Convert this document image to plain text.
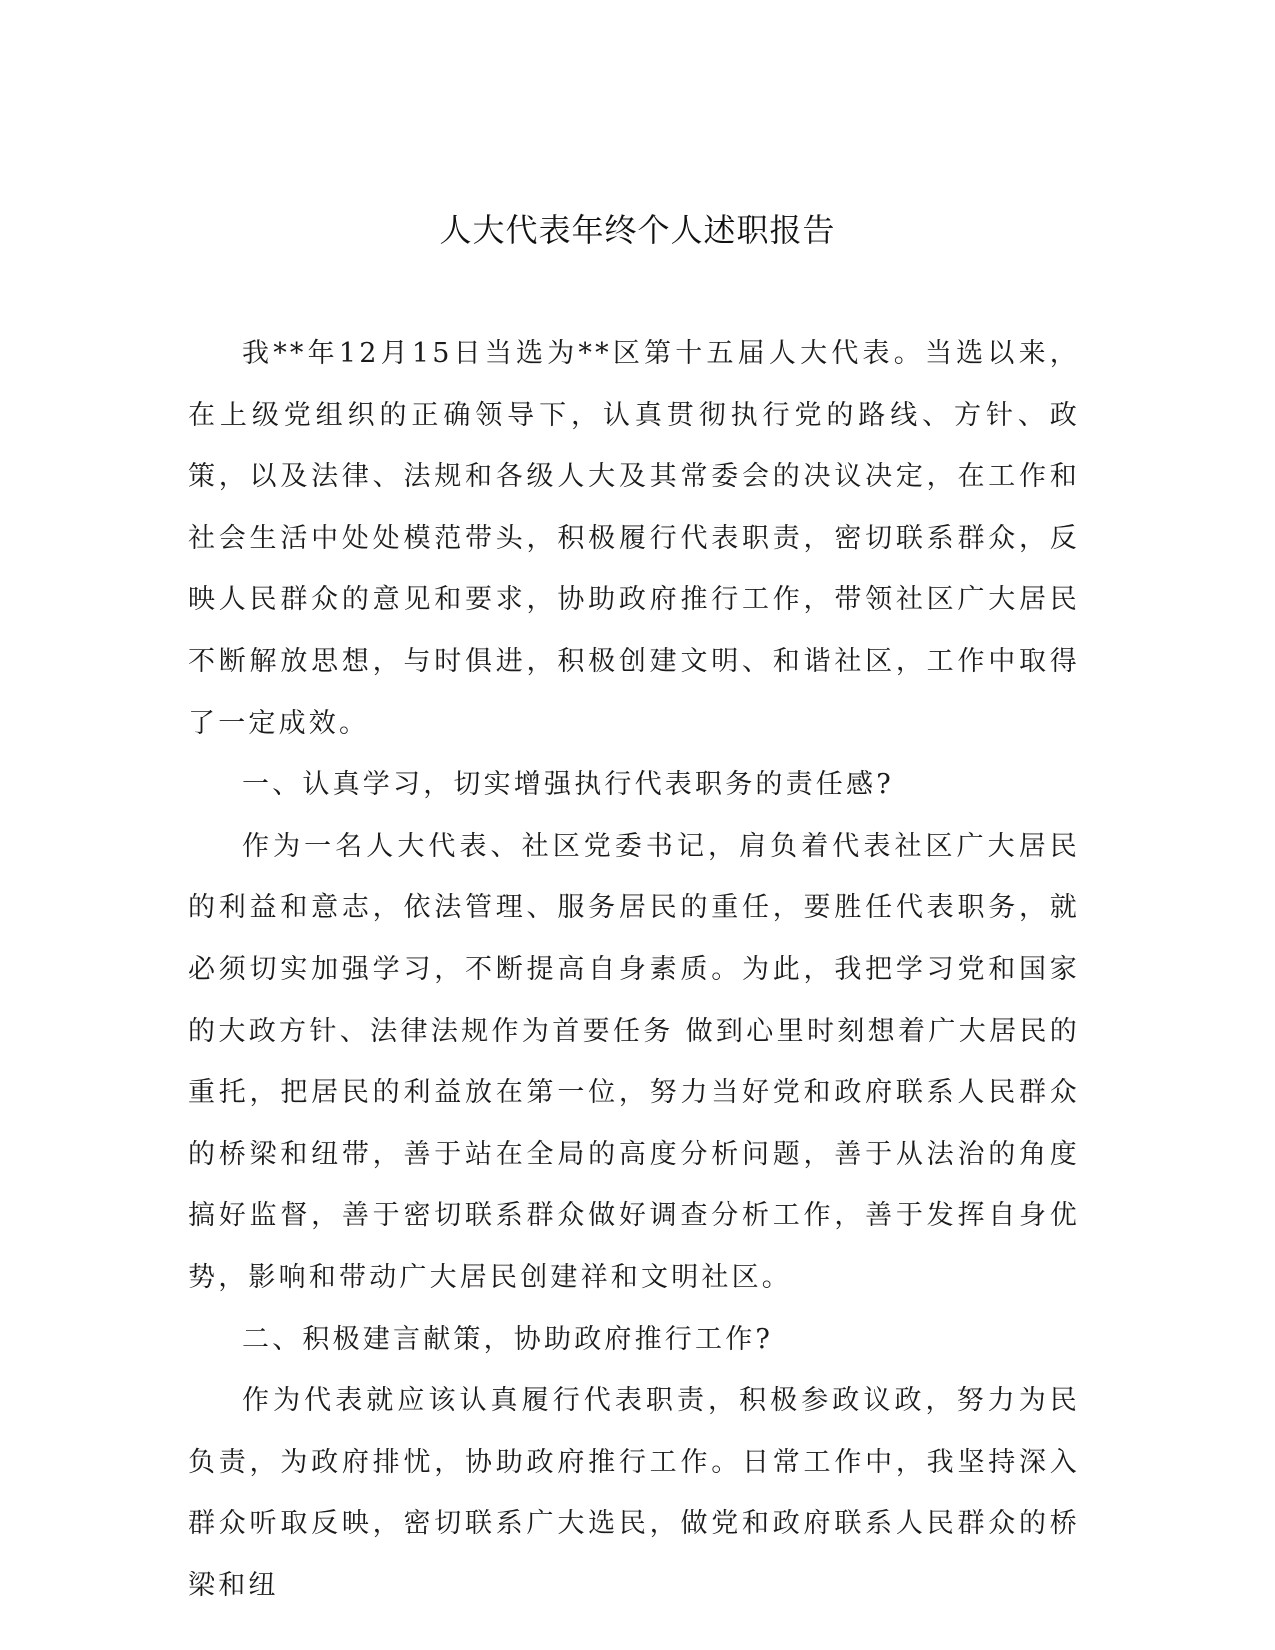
人大代表年终个人述职报告

我**年12月15日当选为**区第十五届人大代表。当选以来，在上级党组织的正确领导下，认真贯彻执行党的路线、方针、政策，以及法律、法规和各级人大及其常委会的决议决定，在工作和社会生活中处处模范带头，积极履行代表职责，密切联系群众，反映人民群众的意见和要求，协助政府推行工作，带领社区广大居民不断解放思想，与时俱进，积极创建文明、和谐社区，工作中取得了一定成效。

一、认真学习，切实增强执行代表职务的责任感?

作为一名人大代表、社区党委书记，肩负着代表社区广大居民的利益和意志，依法管理、服务居民的重任，要胜任代表职务，就必须切实加强学习，不断提高自身素质。为此，我把学习党和国家的大政方针、法律法规作为首要任务 做到心里时刻想着广大居民的重托，把居民的利益放在第一位，努力当好党和政府联系人民群众的桥梁和纽带，善于站在全局的高度分析问题，善于从法治的角度搞好监督，善于密切联系群众做好调查分析工作，善于发挥自身优势，影响和带动广大居民创建祥和文明社区。

二、积极建言献策，协助政府推行工作?

作为代表就应该认真履行代表职责，积极参政议政，努力为民负责，为政府排忧，协助政府推行工作。日常工作中，我坚持深入群众听取反映，密切联系广大选民，做党和政府联系人民群众的桥梁和纽
